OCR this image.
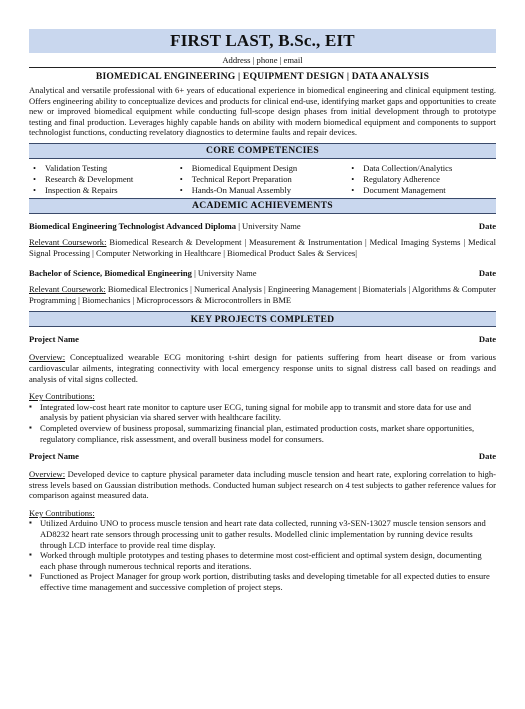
FIRST LAST, B.Sc., EIT
Address | phone | email
BIOMEDICAL ENGINEERING | EQUIPMENT DESIGN | DATA ANALYSIS
Analytical and versatile professional with 6+ years of educational experience in biomedical engineering and clinical equipment testing. Offers engineering ability to conceptualize devices and products for clinical end-use, identifying market gaps and opportunities to create new or improved biomedical equipment while conducting full-scope design phases from initial development through to prototype testing and final production. Leverages highly capable hands on ability with modern biomedical equipment and components to support technologist functions, conducting revelatory diagnostics to determine faults and repair devices.
CORE COMPETENCIES
• Validation Testing
• Research & Development
• Inspection & Repairs
• Biomedical Equipment Design
• Technical Report Preparation
• Hands-On Manual Assembly
• Data Collection/Analytics
• Regulatory Adherence
• Document Management
ACADEMIC ACHIEVEMENTS
Biomedical Engineering Technologist Advanced Diploma | University Name	Date
Relevant Coursework: Biomedical Research & Development | Measurement & Instrumentation | Medical Imaging Systems | Medical Signal Processing | Computer Networking in Healthcare | Biomedical Product Sales & Services|
Bachelor of Science, Biomedical Engineering | University Name	Date
Relevant Coursework: Biomedical Electronics | Numerical Analysis | Engineering Management | Biomaterials | Algorithms & Computer Programming | Biomechanics | Microprocessors & Microcontrollers in BME
KEY PROJECTS COMPLETED
Project Name	Date
Overview: Conceptualized wearable ECG monitoring t-shirt design for patients suffering from heart disease or from various cardiovascular ailments, integrating connectivity with local emergency response units to signal distress call based on readings and analysis of vital signs collected.
Key Contributions:
▪ Integrated low-cost heart rate monitor to capture user ECG, tuning signal for mobile app to transmit and store data for use and analysis by patient physician via shared server with healthcare facility.
▪ Completed overview of business proposal, summarizing financial plan, estimated production costs, market share opportunities, regulatory compliance, risk assessment, and overall business model for consumers.
Project Name	Date
Overview: Developed device to capture physical parameter data including muscle tension and heart rate, exploring correlation to high-stress levels based on Gaussian distribution methods. Conducted human subject research on 4 test subjects to gather reference values for comparison against measured data.
Key Contributions:
▪ Utilized Arduino UNO to process muscle tension and heart rate data collected, running v3-SEN-13027 muscle tension sensors and AD8232 heart rate sensors through processing unit to gather results. Modelled clinic implementation by running device results through LCD interface to provide real time display.
▪ Worked through multiple prototypes and testing phases to determine most cost-efficient and optimal system design, documenting each phase through numerous technical reports and iterations.
▪ Functioned as Project Manager for group work portion, distributing tasks and developing timetable for all expected duties to ensure effective time management and successive completion of project steps.
